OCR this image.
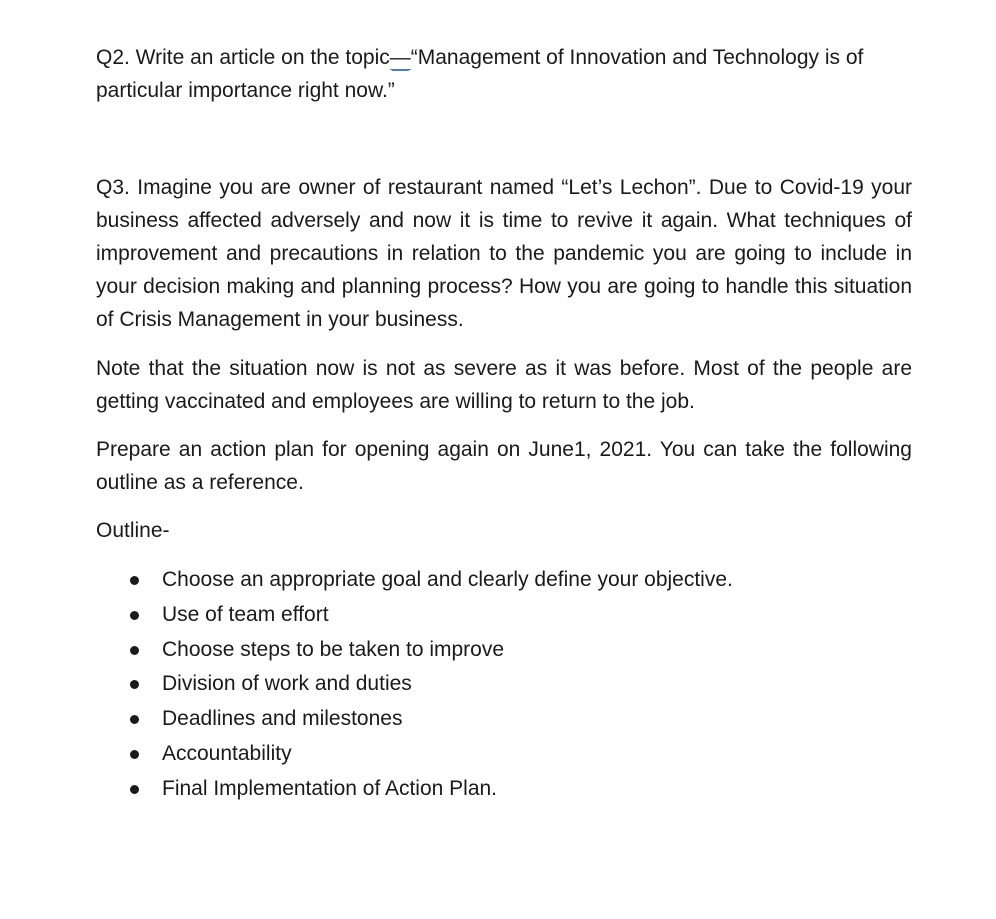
Q2. Write an article on the topic—“Management of Innovation and Technology is of particular importance right now.”

Q3. Imagine you are owner of restaurant named “Let’s Lechon”. Due to Covid-19 your business affected adversely and now it is time to revive it again. What techniques of improvement and precautions in relation to the pandemic you are going to include in your decision making and planning process? How you are going to handle this situation of Crisis Management in your business.

Note that the situation now is not as severe as it was before. Most of the people are getting vaccinated and employees are willing to return to the job.

Prepare an action plan for opening again on June1, 2021. You can take the following outline as a reference.

Outline-

Choose an appropriate goal and clearly define your objective.
Use of team effort
Choose steps to be taken to improve
Division of work and duties
Deadlines and milestones
Accountability
Final Implementation of Action Plan.
